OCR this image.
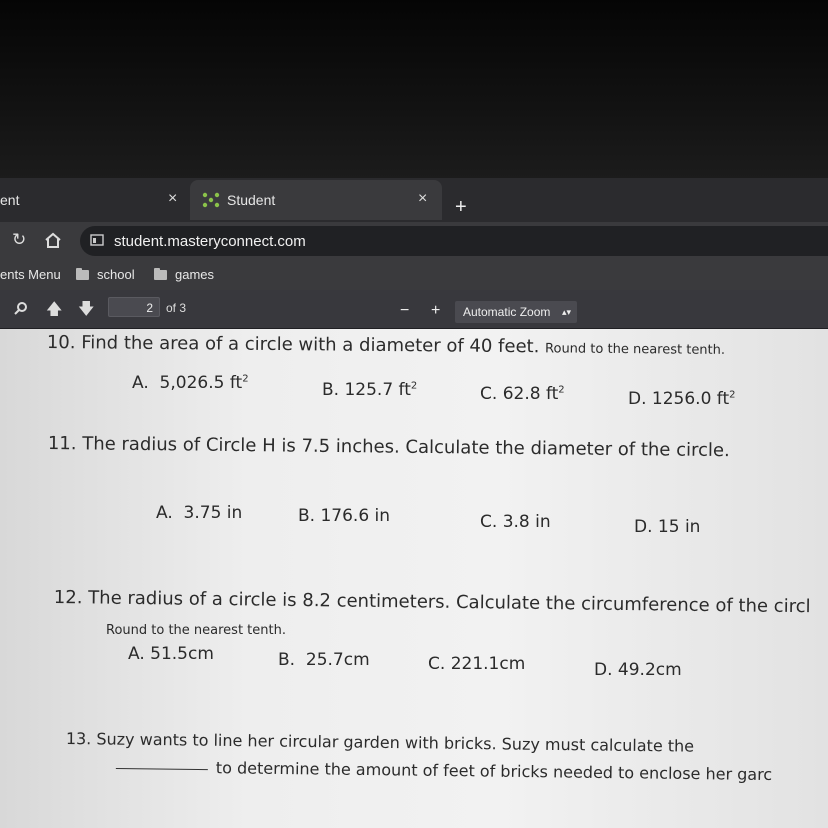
ent	×	Student	× +
↻	student.masteryconnect.com
ents Menu	school	games
🡅 🡇	2	of 3	− +	Automatic Zoom ▴▾
10. Find the area of a circle with a diameter of 40 feet. Round to the nearest tenth.
A. 5,026.5 $ft^2$
B. 125.7 $ft^2$	C. 62.8 $ft^2$	D. 1256.0 $ft^2$
11. The radius of Circle H is 7.5 inches. Calculate the diameter of the circle.
A. 3.75 in	B. 176.6 in	C. 3.8 in	D. 15 in
12. The radius of a circle is 8.2 centimeters. Calculate the circumference of the circl
Round to the nearest tenth.
A. 51.5cm	B. 25.7cm	C. 221.1cm	D. 49.2cm
13. Suzy wants to line her circular garden with bricks. Suzy must calculate the
to determine the amount of feet of bricks needed to enclose her garc
